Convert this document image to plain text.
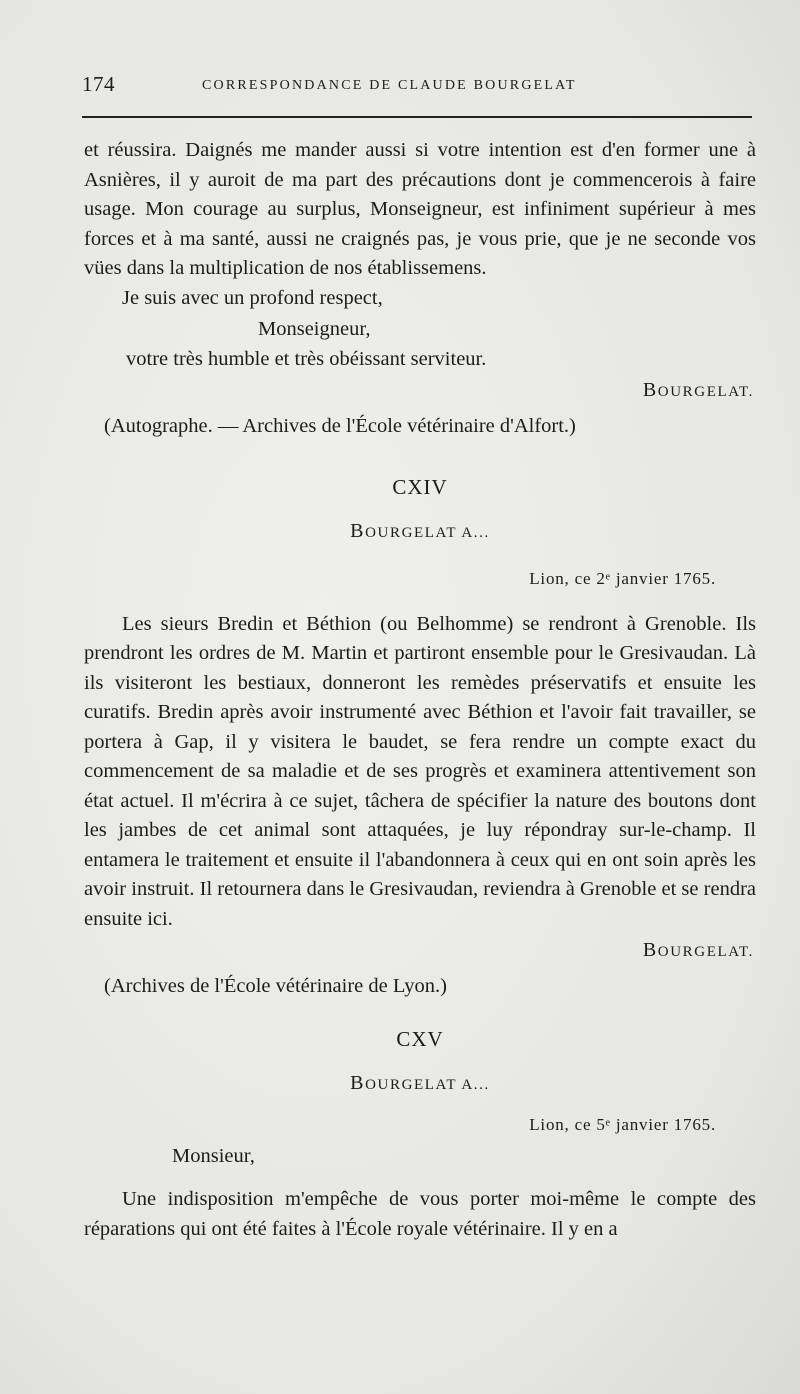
174	CORRESPONDANCE DE CLAUDE BOURGELAT

et réussira. Daignés me mander aussi si votre intention est d'en former une à Asnières, il y auroit de ma part des précautions dont je commencerois à faire usage. Mon courage au surplus, Monseigneur, est infiniment supérieur à mes forces et à ma santé, aussi ne craignés pas, je vous prie, que je ne seconde vos vües dans la multiplication de nos établissemens.

Je suis avec un profond respect,

Monseigneur,

votre très humble et très obéissant serviteur.

BOURGELAT.

(Autographe. — Archives de l'École vétérinaire d'Alfort.)

CXIV

BOURGELAT A...

Lion, ce 2ᵉ janvier 1765.

Les sieurs Bredin et Béthion (ou Belhomme) se rendront à Grenoble. Ils prendront les ordres de M. Martin et partiront ensemble pour le Gresivaudan. Là ils visiteront les bestiaux, donneront les remèdes préservatifs et ensuite les curatifs. Bredin après avoir instrumenté avec Béthion et l'avoir fait travailler, se portera à Gap, il y visitera le baudet, se fera rendre un compte exact du commencement de sa maladie et de ses progrès et examinera attentivement son état actuel. Il m'écrira à ce sujet, tâchera de spécifier la nature des boutons dont les jambes de cet animal sont attaquées, je luy répondray sur-le-champ. Il entamera le traitement et ensuite il l'abandonnera à ceux qui en ont soin après les avoir instruit. Il retournera dans le Gresivaudan, reviendra à Grenoble et se rendra ensuite ici.

BOURGELAT.

(Archives de l'École vétérinaire de Lyon.)

CXV

BOURGELAT A...

Lion, ce 5ᵉ janvier 1765.

Monsieur,

Une indisposition m'empêche de vous porter moi-même le compte des réparations qui ont été faites à l'École royale vétérinaire. Il y en a
